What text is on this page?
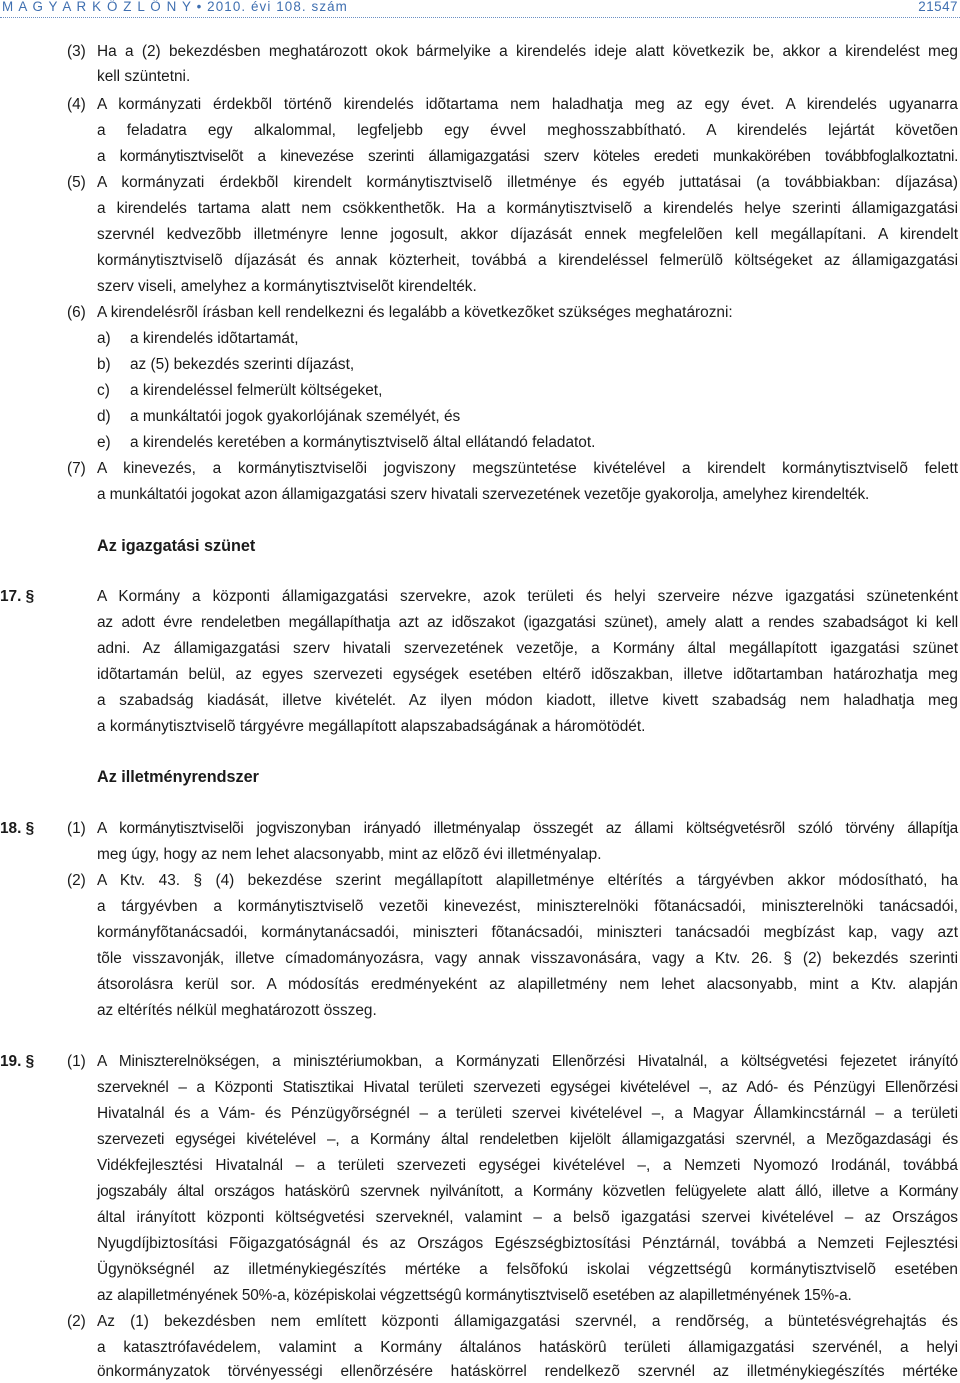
M A G Y A R K Ö Z L Ö N Y • 2010. évi 108. szám	21547
(3) Ha a (2) bekezdésben meghatározott okok bármelyike a kirendelés ideje alatt következik be, akkor a kirendelést meg
kell szüntetni.
(4) A kormányzati érdekbõl történõ kirendelés idõtartama nem haladhatja meg az egy évet. A kirendelés ugyanarra
a feladatra egy alkalommal, legfeljebb egy évvel meghosszabbítható. A kirendelés lejártát követõen
a kormánytisztviselõt a kinevezése szerinti államigazgatási szerv köteles eredeti munkakörében továbbfoglalkoztatni.
(5) A kormányzati érdekbõl kirendelt kormánytisztviselõ illetménye és egyéb juttatásai (a továbbiakban: díjazása)
a kirendelés tartama alatt nem csökkenthetõk. Ha a kormánytisztviselõ a kirendelés helye szerinti államigazgatási
szervnél kedvezõbb illetményre lenne jogosult, akkor díjazását ennek megfelelõen kell megállapítani. A kirendelt
kormánytisztviselõ díjazását és annak közterheit, továbbá a kirendeléssel felmerülõ költségeket az államigazgatási
szerv viseli, amelyhez a kormánytisztviselõt kirendelték.
(6) A kirendelésrõl írásban kell rendelkezni és legalább a következõket szükséges meghatározni:
a) a kirendelés idõtartamát,
b) az (5) bekezdés szerinti díjazást,
c) a kirendeléssel felmerült költségeket,
d) a munkáltatói jogok gyakorlójának személyét, és
e) a kirendelés keretében a kormánytisztviselõ által ellátandó feladatot.
(7) A kinevezés, a kormánytisztviselõi jogviszony megszüntetése kivételével a kirendelt kormánytisztviselõ felett
a munkáltatói jogokat azon államigazgatási szerv hivatali szervezetének vezetõje gyakorolja, amelyhez kirendelték.
Az igazgatási szünet
17. §	A Kormány a központi államigazgatási szervekre, azok területi és helyi szerveire nézve igazgatási szünetenként
az adott évre rendeletben megállapíthatja azt az idõszakot (igazgatási szünet), amely alatt a rendes szabadságot ki kell
adni. Az államigazgatási szerv hivatali szervezetének vezetõje, a Kormány által megállapított igazgatási szünet
idõtartamán belül, az egyes szervezeti egységek esetében eltérõ idõszakban, illetve idõtartamban határozhatja meg
a szabadság kiadását, illetve kivételét. Az ilyen módon kiadott, illetve kivett szabadság nem haladhatja meg
a kormánytisztviselõ tárgyévre megállapított alapszabadságának a háromötödét.
Az illetményrendszer
18. § (1) A kormánytisztviselõi jogviszonyban irányadó illetményalap összegét az állami költségvetésrõl szóló törvény állapítja
meg úgy, hogy az nem lehet alacsonyabb, mint az elõzõ évi illetményalap.
(2) A Ktv. 43. § (4) bekezdése szerint megállapított alapilletménye eltérítés a tárgyévben akkor módosítható, ha
a tárgyévben a kormánytisztviselõ vezetõi kinevezést, miniszterelnöki fõtanácsadói, miniszterelnöki tanácsadói,
kormányfõtanácsadói, kormánytanácsadói, miniszteri fõtanácsadói, miniszteri tanácsadói megbízást kap, vagy azt
tõle visszavonják, illetve címadományozásra, vagy annak visszavonására, vagy a Ktv. 26. § (2) bekezdés szerinti
átsorolásra kerül sor. A módosítás eredményeként az alapilletmény nem lehet alacsonyabb, mint a Ktv. alapján
az eltérítés nélkül meghatározott összeg.
19. § (1) A Miniszterelnökségen, a minisztériumokban, a Kormányzati Ellenõrzési Hivatalnál, a költségvetési fejezetet irányító
szerveknél – a Központi Statisztikai Hivatal területi szervezeti egységei kivételével –, az Adó- és Pénzügyi Ellenõrzési
Hivatalnál és a Vám- és Pénzügyõrségnél – a területi szervei kivételével –, a Magyar Államkincstárnál – a területi
szervezeti egységei kivételével –, a Kormány által rendeletben kijelölt államigazgatási szervnél, a Mezõgazdasági és
Vidékfejlesztési Hivatalnál – a területi szervezeti egységei kivételével –, a Nemzeti Nyomozó Irodánál, továbbá
jogszabály által országos hatáskörû szervnek nyilvánított, a Kormány közvetlen felügyelete alatt álló, illetve a Kormány
által irányított központi költségvetési szerveknél, valamint – a belsõ igazgatási szervei kivételével – az Országos
Nyugdíjbiztosítási Fõigazgatóságnál és az Országos Egészségbiztosítási Pénztárnál, továbbá a Nemzeti Fejlesztési
Ügynökségnél az illetménykiegészítés mértéke a felsõfokú iskolai végzettségû kormánytisztviselõ esetében
az alapilletményének 50%-a, középiskolai végzettségû kormánytisztviselõ esetében az alapilletményének 15%-a.
(2) Az (1) bekezdésben nem említett központi államigazgatási szervnél, a rendõrség, a büntetésvégrehajtás és
a katasztrófavédelem, valamint a Kormány általános hatáskörû területi államigazgatási szervénél, a helyi
önkormányzatok törvényességi ellenõrzésére hatáskörrel rendelkezõ szervnél az illetménykiegészítés mértéke
